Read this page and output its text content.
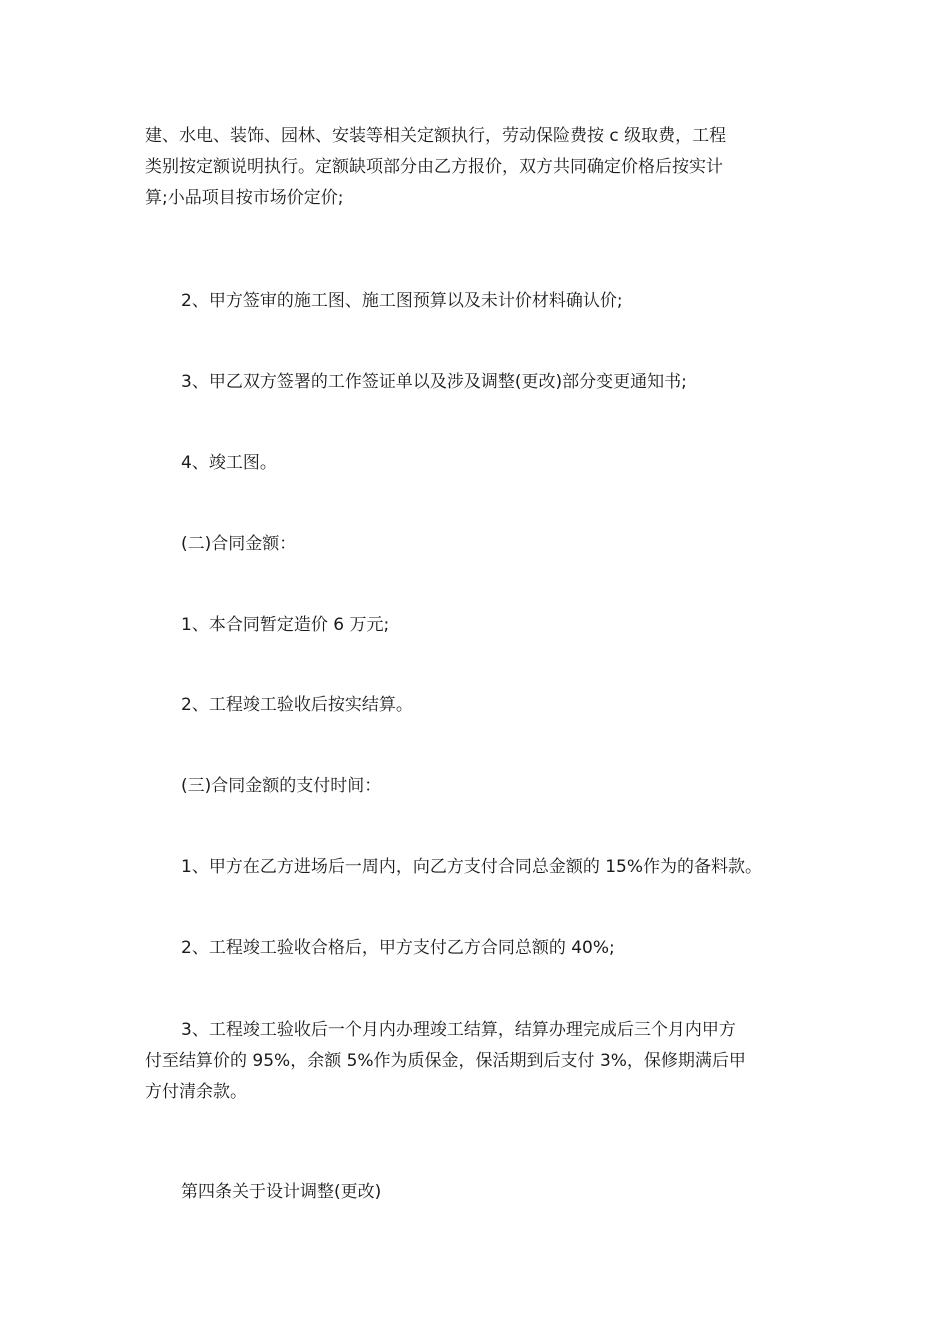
建、水电、装饰、园林、安装等相关定额执行，劳动保险费按 c 级取费，工程
类别按定额说明执行。定额缺项部分由乙方报价，双方共同确定价格后按实计
算;小品项目按市场价定价;

2、甲方签审的施工图、施工图预算以及未计价材料确认价;

3、甲乙双方签署的工作签证单以及涉及调整(更改)部分变更通知书;

4、竣工图。

(二)合同金额：

1、本合同暂定造价 6 万元;

2、工程竣工验收后按实结算。

(三)合同金额的支付时间：

1、甲方在乙方进场后一周内，向乙方支付合同总金额的 15%作为的备料款。

2、工程竣工验收合格后，甲方支付乙方合同总额的 40%;

3、工程竣工验收后一个月内办理竣工结算，结算办理完成后三个月内甲方
付至结算价的 95%，余额 5%作为质保金，保活期到后支付 3%，保修期满后甲
方付清余款。

第四条关于设计调整(更改)
